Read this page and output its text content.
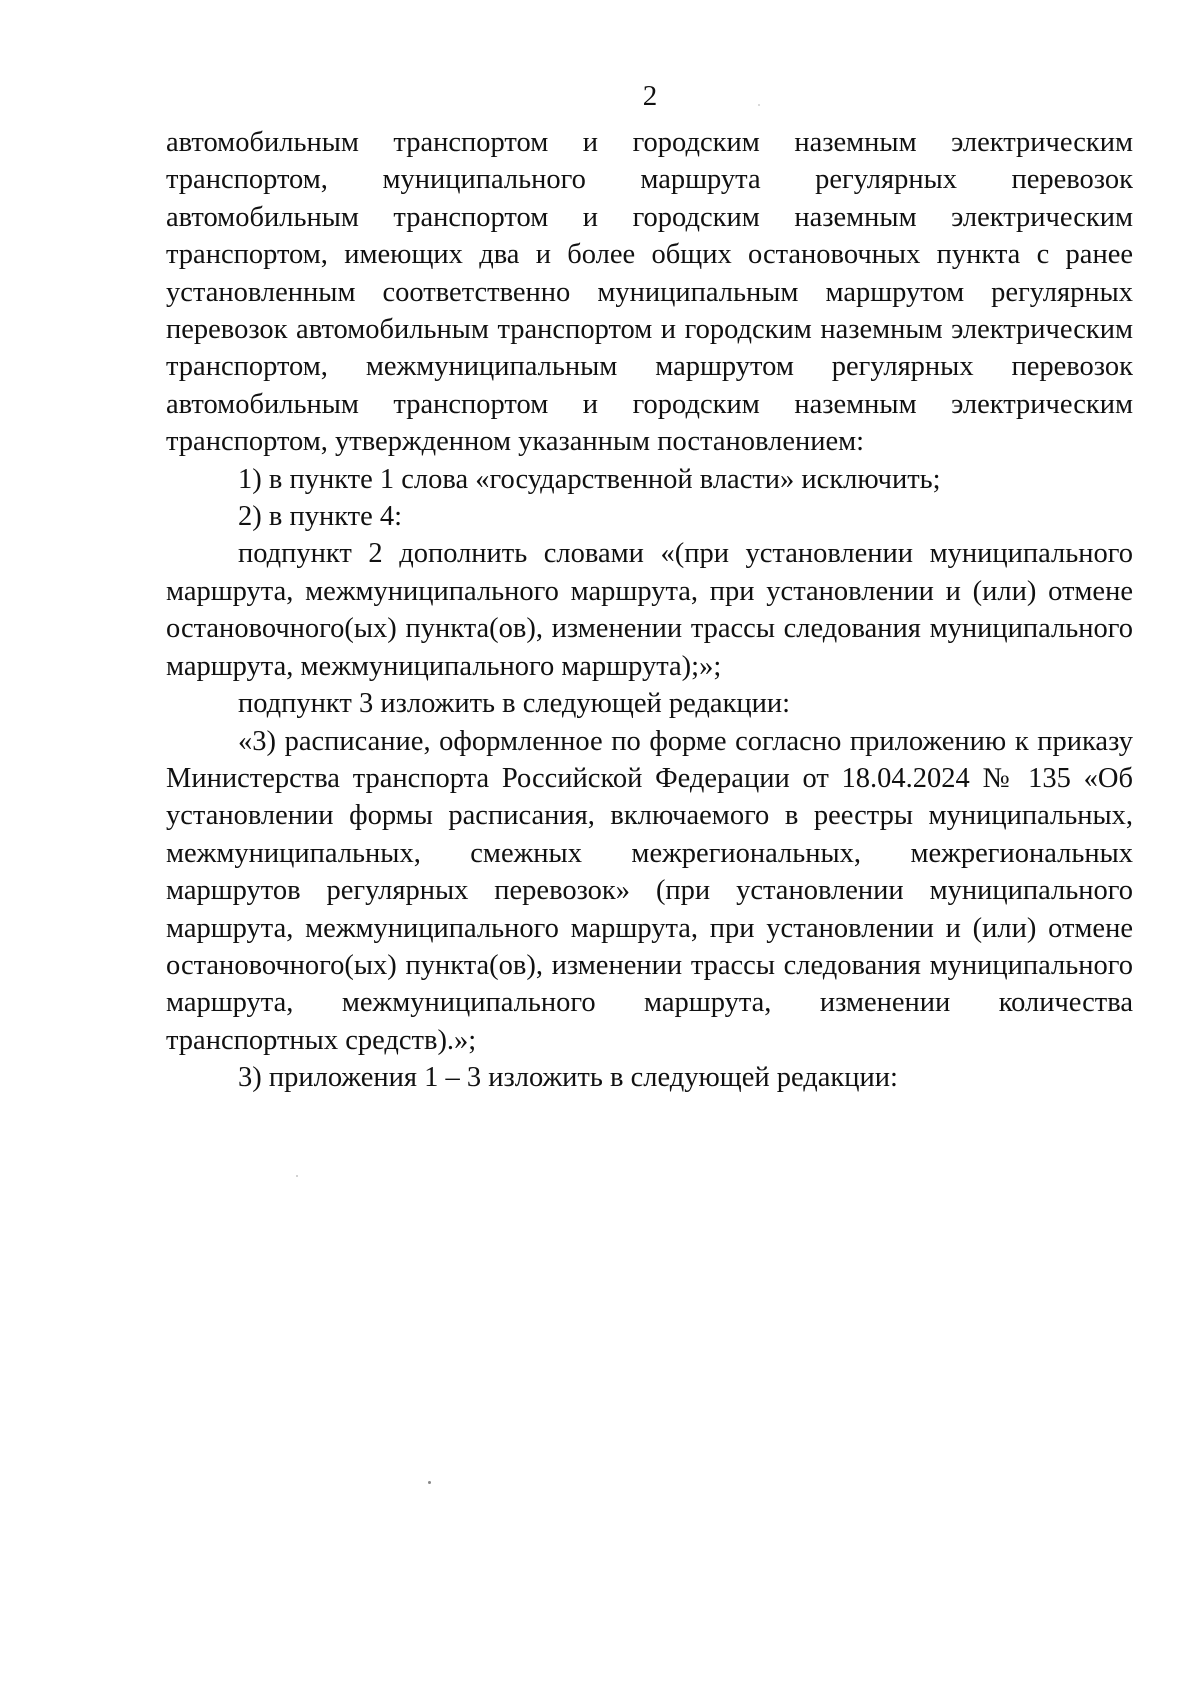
2

автомобильным транспортом и городским наземным электрическим транспортом, муниципального маршрута регулярных перевозок автомобильным транспортом и городским наземным электрическим транспортом, имеющих два и более общих остановочных пункта с ранее установленным соответственно муниципальным маршрутом регулярных перевозок автомобильным транспортом и городским наземным электрическим транспортом, межмуниципальным маршрутом регулярных перевозок автомобильным транспортом и городским наземным электрическим транспортом, утвержденном указанным постановлением:

1) в пункте 1 слова «государственной власти» исключить;

2) в пункте 4:

подпункт 2 дополнить словами «(при установлении муниципального маршрута, межмуниципального маршрута, при установлении и (или) отмене остановочного(ых) пункта(ов), изменении трассы следования муниципального маршрута, межмуниципального маршрута);»;

подпункт 3 изложить в следующей редакции:

«3) расписание, оформленное по форме согласно приложению к приказу Министерства транспорта Российской Федерации от 18.04.2024 № 135 «Об установлении формы расписания, включаемого в реестры муниципальных, межмуниципальных, смежных межрегиональных, межрегиональных маршрутов регулярных перевозок» (при установлении муниципального маршрута, межмуниципального маршрута, при установлении и (или) отмене остановочного(ых) пункта(ов), изменении трассы следования муниципального маршрута, межмуниципального маршрута, изменении количества транспортных средств).»;

3) приложения 1 – 3 изложить в следующей редакции:
